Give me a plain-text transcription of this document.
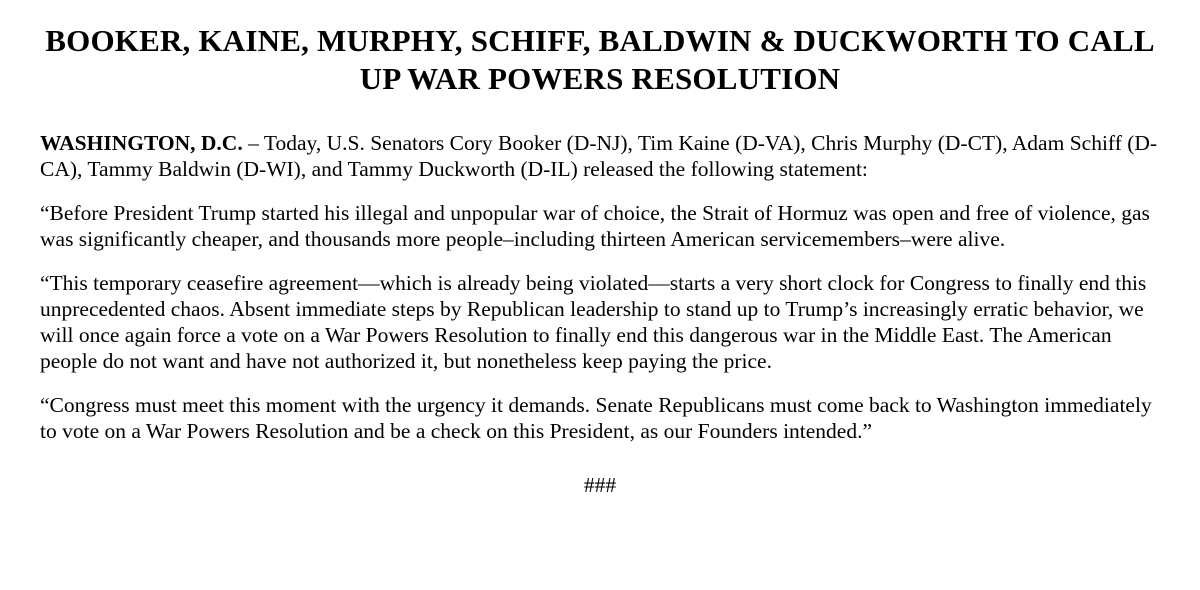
BOOKER, KAINE, MURPHY, SCHIFF, BALDWIN & DUCKWORTH TO CALL UP WAR POWERS RESOLUTION

WASHINGTON, D.C. – Today, U.S. Senators Cory Booker (D-NJ), Tim Kaine (D-VA), Chris Murphy (D-CT), Adam Schiff (D-CA), Tammy Baldwin (D-WI), and Tammy Duckworth (D-IL) released the following statement:

“Before President Trump started his illegal and unpopular war of choice, the Strait of Hormuz was open and free of violence, gas was significantly cheaper, and thousands more people–including thirteen American servicemembers–were alive.

“This temporary ceasefire agreement—which is already being violated—starts a very short clock for Congress to finally end this unprecedented chaos. Absent immediate steps by Republican leadership to stand up to Trump’s increasingly erratic behavior, we will once again force a vote on a War Powers Resolution to finally end this dangerous war in the Middle East. The American people do not want and have not authorized it, but nonetheless keep paying the price.

“Congress must meet this moment with the urgency it demands. Senate Republicans must come back to Washington immediately to vote on a War Powers Resolution and be a check on this President, as our Founders intended.”

###
